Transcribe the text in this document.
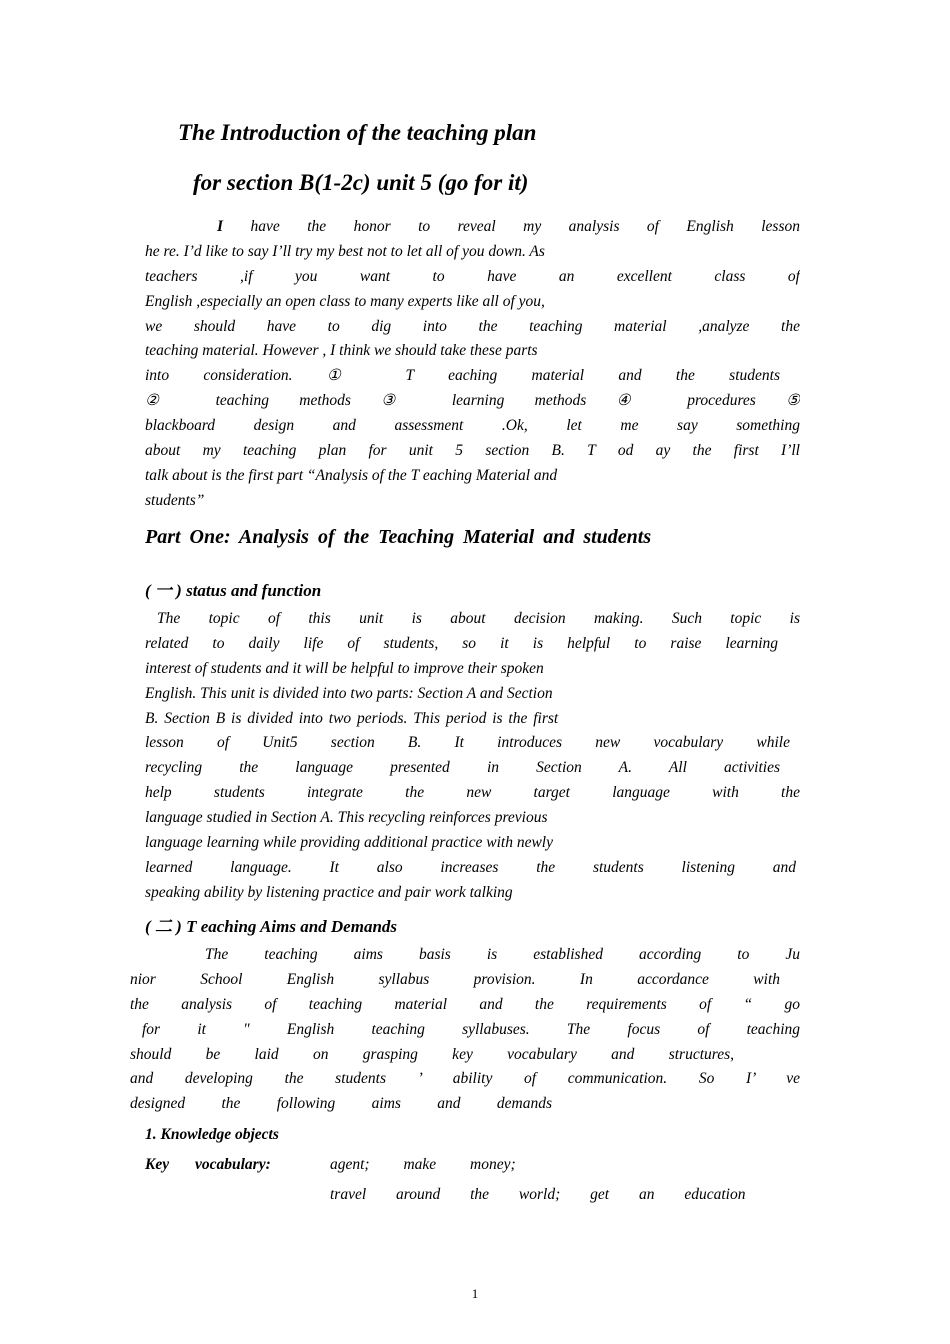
The Introduction of the teaching plan
for section B(1-2c) unit 5 (go for it)
I have the honor to reveal my analysis of English lesson
he re. I’d like to say I’ll try my best not to let all of you down. As
teachers ,if you want to have an excellent class of
English ,especially an open class to many experts like all of you,
we should have to dig into the teaching material ,analyze the
teaching material. However , I think we should take these parts
into consideration. ① T eaching material and the students
② teaching methods ③ learning methods ④ procedures ⑤
blackboard design and assessment .Ok, let me say something
about my teaching plan for unit 5 section B. T od ay the first I’ll
talk about is the first part “Analysis of the T eaching Material and
students”
Part One: Analysis of the Teaching Material and students
( 一 ) status and function
The topic of this unit is about decision making. Such topic is
related to daily life of students, so it is helpful to raise learning
interest of students and it will be helpful to improve their spoken
English. This unit is divided into two parts: Section A and Section
B. Section B is divided into two periods. This period is the first
lesson of Unit5 section B. It introduces new vocabulary while
recycling the language presented in Section A. All activities
help students integrate the new target language with the
language studied in Section A. This recycling reinforces previous
language learning while providing additional practice with newly
learned language. It also increases the students listening and
speaking ability by listening practice and pair work talking
( 二 ) T eaching Aims and Demands
The teaching aims basis is established according to Ju
nior School English syllabus provision. In accordance with
the analysis of teaching material and the requirements of “ go
for it " English teaching syllabuses. The focus of teaching
should be laid on grasping key vocabulary and structures,
and developing the students ’ ability of communication. So I’ ve
designed the following aims and demands
1. Knowledge objects
Key vocabulary:	agent; make money;
travel around the world; get an education
1
